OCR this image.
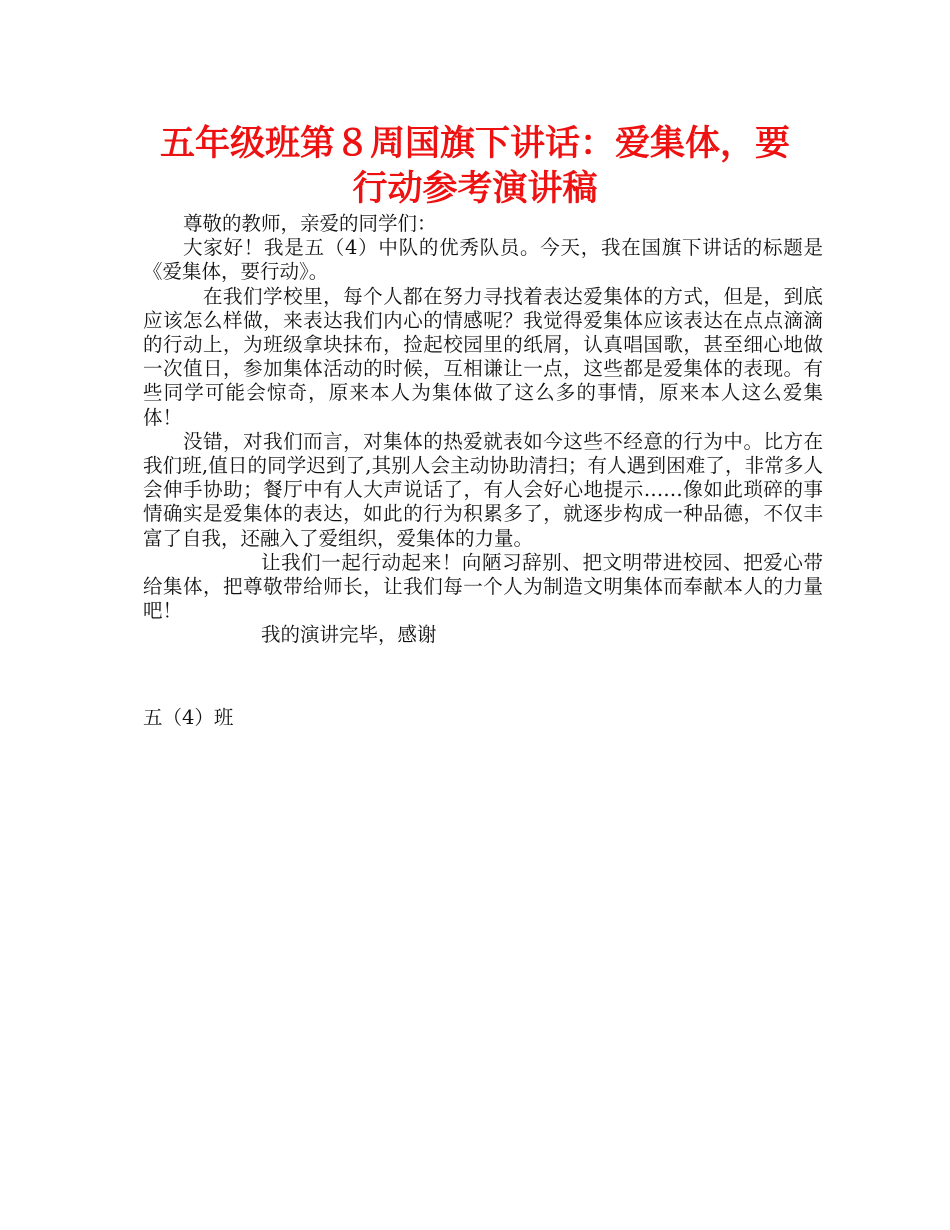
五年级班第８周国旗下讲话：爱集体，要
行动参考演讲稿

尊敬的教师，亲爱的同学们：

大家好！我是五（4）中队的优秀队员。今天，我在国旗下讲话的标题是《爱集体，要行动》。

在我们学校里，每个人都在努力寻找着表达爱集体的方式，但是，到底应该怎么样做，来表达我们内心的情感呢？我觉得爱集体应该表达在点点滴滴的行动上，为班级拿块抹布，捡起校园里的纸屑，认真唱国歌，甚至细心地做一次值日，参加集体活动的时候，互相谦让一点，这些都是爱集体的表现。有些同学可能会惊奇，原来本人为集体做了这么多的事情，原来本人这么爱集体！

没错，对我们而言，对集体的热爱就表如今这些不经意的行为中。比方在我们班,值日的同学迟到了,其别人会主动协助清扫；有人遇到困难了，非常多人会伸手协助；餐厅中有人大声说话了，有人会好心地提示……像如此琐碎的事情确实是爱集体的表达，如此的行为积累多了，就逐步构成一种品德，不仅丰富了自我，还融入了爱组织，爱集体的力量。

让我们一起行动起来！向陋习辞别、把文明带进校园、把爱心带给集体，把尊敬带给师长，让我们每一个人为制造文明集体而奉献本人的力量吧！

我的演讲完毕，感谢

五（4）班
